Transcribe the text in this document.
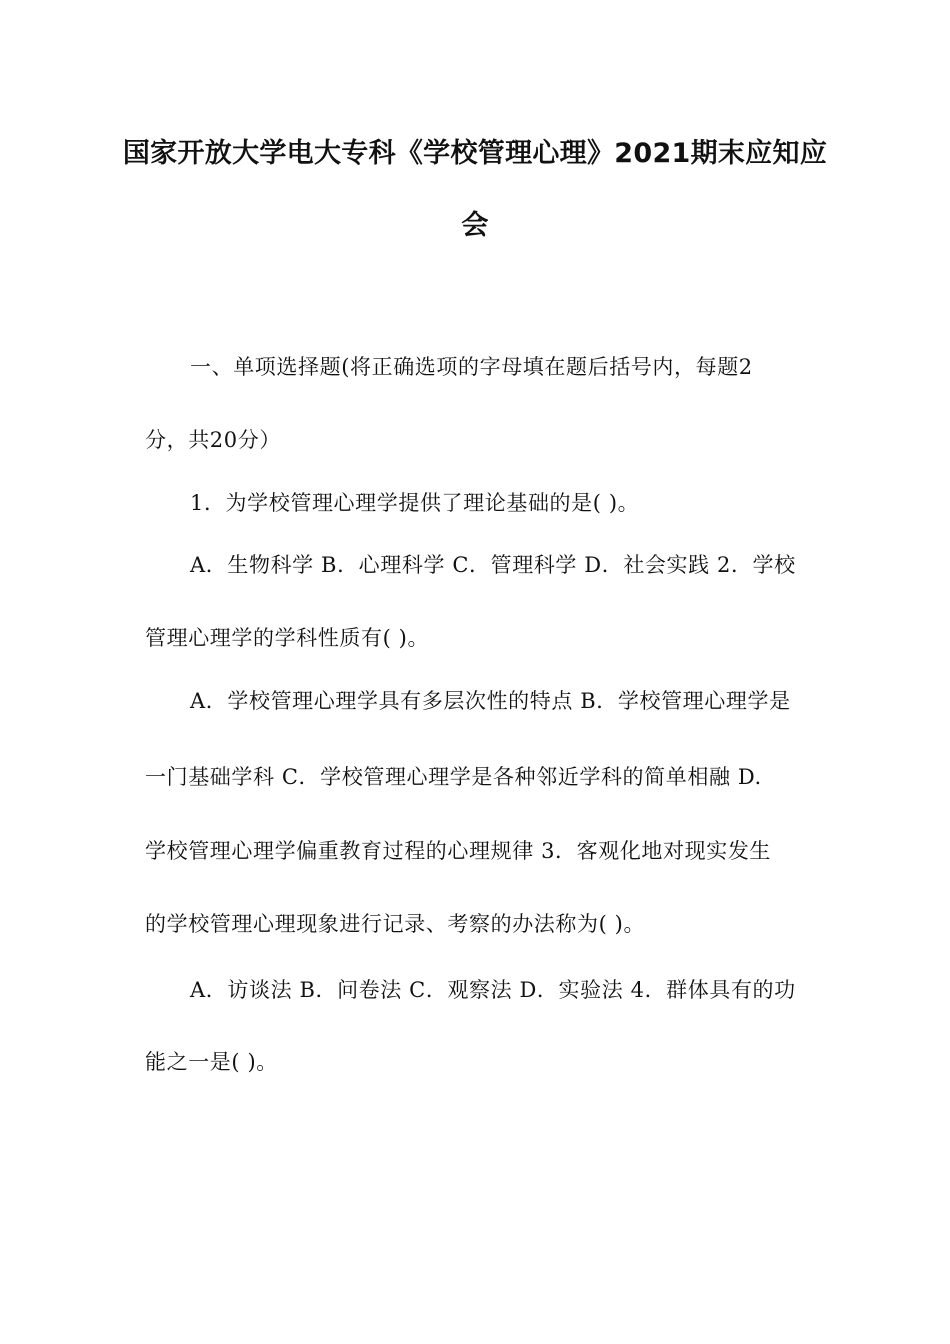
国家开放大学电大专科《学校管理心理》2021期末应知应
会
一、单项选择题(将正确选项的字母填在题后括号内，每题2
分，共20分）
1．为学校管理心理学提供了理论基础的是( )。
A．生物科学 B．心理科学 C．管理科学 D．社会实践 2．学校
管理心理学的学科性质有( )。
A．学校管理心理学具有多层次性的特点 B．学校管理心理学是
一门基础学科 C．学校管理心理学是各种邻近学科的简单相融 D.
学校管理心理学偏重教育过程的心理规律 3．客观化地对现实发生
的学校管理心理现象进行记录、考察的办法称为( )。
A．访谈法 B．问卷法 C．观察法 D．实验法 4．群体具有的功
能之一是( )。
